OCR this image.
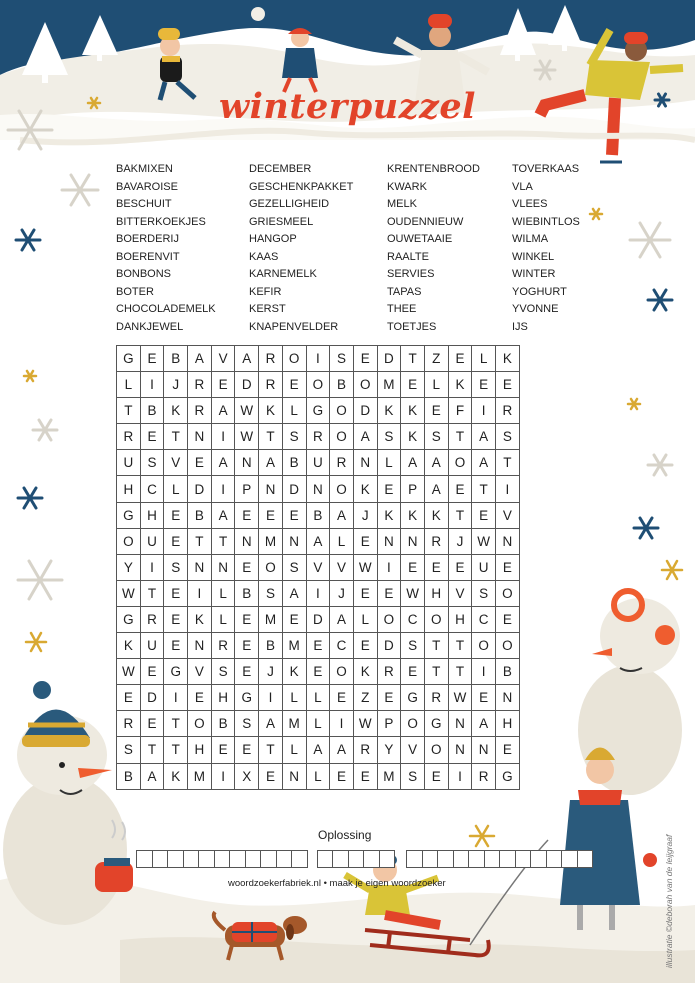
winterpuzzel
BAKMIXEN
BAVAROISE
BESCHUIT
BITTERKOEKJES
BOERDERIJ
BOERENVIT
BONBONS
BOTER
CHOCOLADEMELK
DANKJEWEL
DECEMBER
GESCHENKPAKKET
GEZELLIGHEID
GRIESMEEL
HANGOP
KAAS
KARNEMELK
KEFIR
KERST
KNAPENVELDER
KRENTENBROOD
KWARK
MELK
OUDENNIEUW
OUWETAAIE
RAALTE
SERVIES
TAPAS
THEE
TOETJES
TOVERKAAS
VLA
VLEES
WIEBINTLOS
WILMA
WINKEL
WINTER
YOGHURT
YVONNE
IJS
G	E	B	A	V	A	R	O	I	S	E	D	T	Z	E	L	K
L	I	J	R	E	D	R	E	O	B	O	M	E	L	K	E	E
T	B	K	R	A	W	K	L	G	O	D	K	K	E	F	I	R
R	E	T	N	I	W	T	S	R	O	A	S	K	S	T	A	S
U	S	V	E	A	N	A	B	U	R	N	L	A	A	O	A	T
H	C	L	D	I	P	N	D	N	O	K	E	P	A	E	T	I
G	H	E	B	A	E	E	E	B	A	J	K	K	K	T	E	V
O	U	E	T	T	N	M	N	A	L	E	N	N	R	J	W	N
Y	I	S	N	N	E	O	S	V	V	W	I	E	E	E	U	E
W	T	E	I	L	B	S	A	I	J	E	E	W	H	V	S	O
G	R	E	K	L	E	M	E	D	A	L	O	C	O	H	C	E
K	U	E	N	R	E	B	M	E	C	E	D	S	T	T	O	O
W	E	G	V	S	E	J	K	E	O	K	R	E	T	T	I	B
E	D	I	E	H	G	I	L	L	E	Z	E	G	R	W	E	N
R	E	T	O	B	S	A	M	L	I	W	P	O	G	N	A	H
S	T	T	H	E	E	T	L	A	A	R	Y	V	O	N	N	E
B	A	K	M	I	X	E	N	L	E	E	M	S	E	I	R	G
Oplossing
woordzoekerfabriek.nl • maak je eigen woordzoeker	illustratie ©deborah van de leijgraaf
